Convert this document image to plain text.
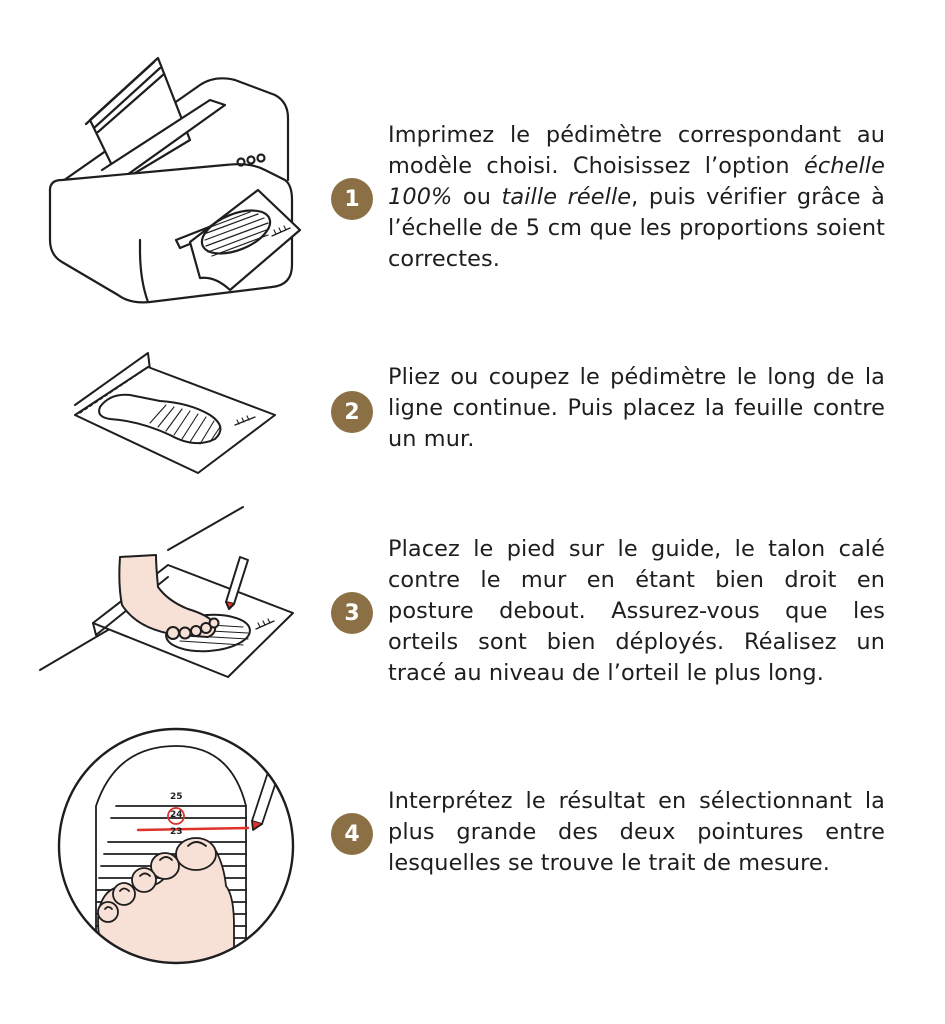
1

Imprimez le pédimètre correspondant au modèle choisi. Choisissez l’option échelle 100% ou taille réelle, puis vérifier grâce à l’échelle de 5 cm que les proportions soient correctes.

2

Pliez ou coupez le pédimètre le long de la ligne continue. Puis placez la feuille contre un mur.

3

Placez le pied sur le guide, le talon calé contre le mur en étant bien droit en posture debout. Assurez-vous que les orteils sont bien déployés. Réalisez un tracé au niveau de l’orteil le plus long.

25
24
23	4

Interprétez le résultat en sélectionnant la plus grande des deux pointures entre lesquelles se trouve le trait de mesure.
